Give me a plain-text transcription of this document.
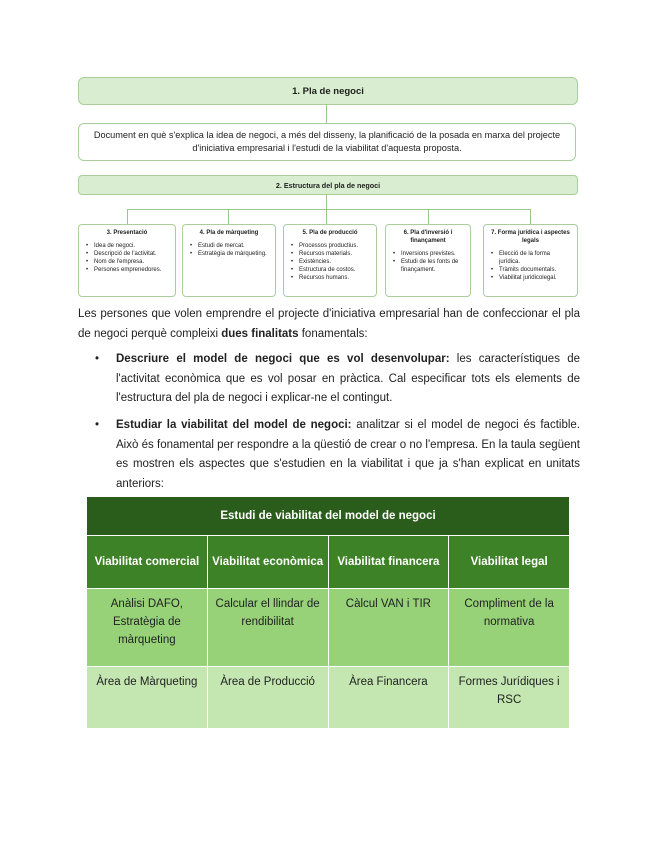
1. Pla de negoci
Document en què s'explica la idea de negoci, a més del disseny, la planificació de la posada en marxa del projecte d'iniciativa empresarial i l'estudi de la viabilitat d'aquesta proposta.
2. Estructura del pla de negoci
3. Presentació
• Idea de negoci.
• Descripció de l'activitat.
• Nom de l'empresa.
• Persones emprenedores.
4. Pla de màrqueting
• Estudi de mercat.
• Estratègia de màrqueting.
5. Pla de producció
• Processos productius.
• Recursos materials.
• Existències.
• Estructura de costos.
• Recursos humans.
6. Pla d'inversió i finançament
• Inversions previstes.
• Estudi de les fonts de finançament.
7. Forma jurídica i aspectes legals
• Elecció de la forma jurídica.
• Tràmits documentals.
• Viabilitat juridicolegal.
Les persones que volen emprendre el projecte d'iniciativa empresarial han de confeccionar el pla de negoci perquè compleixi dues finalitats fonamentals:
• Descriure el model de negoci que es vol desenvolupar: les característiques de l'activitat econòmica que es vol posar en pràctica. Cal especificar tots els elements de l'estructura del pla de negoci i explicar-ne el contingut.
• Estudiar la viabilitat del model de negoci: analitzar si el model de negoci és factible. Això és fonamental per respondre a la qüestió de crear o no l'empresa. En la taula següent es mostren els aspectes que s'estudien en la viabilitat i que ja s'han explicat en unitats anteriors:
Estudi de viabilitat del model de negoci			
Viabilitat comercial	Viabilitat econòmica	Viabilitat financera	Viabilitat legal
Anàlisi DAFO, Estratègia de màrqueting	Calcular el llindar de rendibilitat	Càlcul VAN i TIR	Compliment de la normativa
Àrea de Màrqueting	Àrea de Producció	Àrea Financera	Formes Jurídiques i RSC
